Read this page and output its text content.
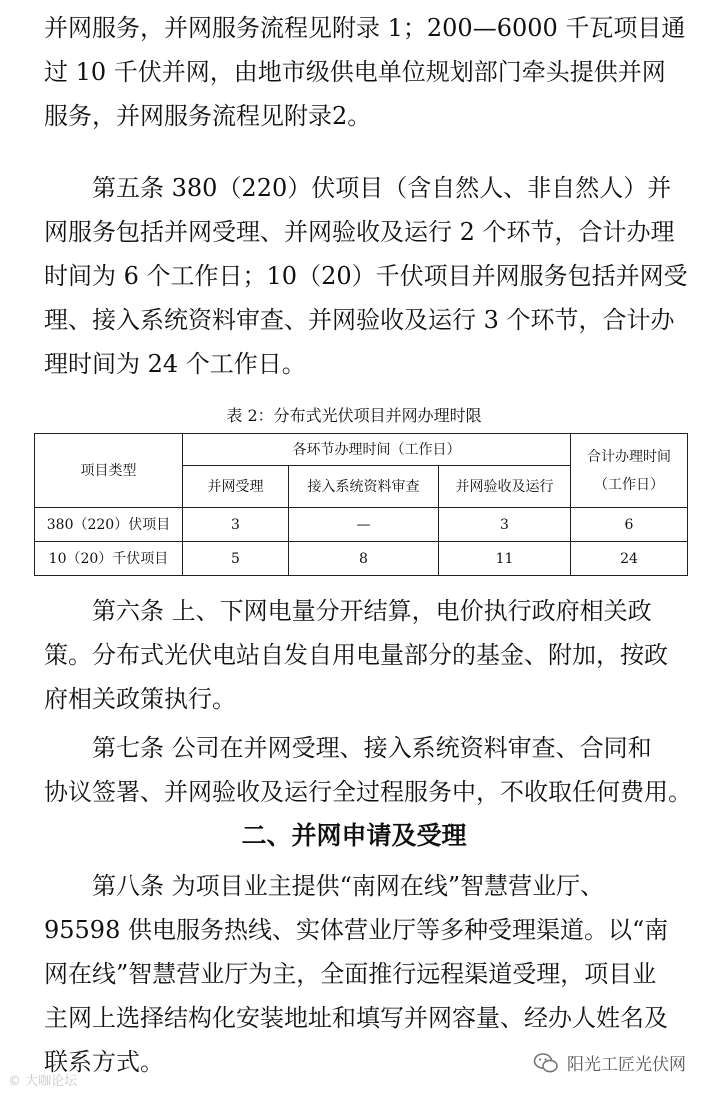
并网服务，并网服务流程见附录 1；200—6000 千瓦项目通
过 10 千伏并网，由地市级供电单位规划部门牵头提供并网
服务，并网服务流程见附录2。

第五条 380（220）伏项目（含自然人、非自然人）并
网服务包括并网受理、并网验收及运行 2 个环节，合计办理
时间为 6 个工作日；10（20）千伏项目并网服务包括并网受
理、接入系统资料审查、并网验收及运行 3 个环节，合计办
理时间为 24 个工作日。

表 2：分布式光伏项目并网办理时限
项目类型	各环节办理时间（工作日）			合计办理时间
（工作日）

	并网受理	接入系统资料审查	并网验收及运行	
380（220）伏项目	3	—	3	6
10（20）千伏项目	5	8	11	24

第六条 上、下网电量分开结算，电价执行政府相关政
策。分布式光伏电站自发自用电量部分的基金、附加，按政
府相关政策执行。

第七条 公司在并网受理、接入系统资料审查、合同和
协议签署、并网验收及运行全过程服务中，不收取任何费用。

二、并网申请及受理

第八条 为项目业主提供“南网在线”智慧营业厅、
95598 供电服务热线、实体营业厅等多种受理渠道。以“南
网在线”智慧营业厅为主，全面推行远程渠道受理，项目业
主网上选择结构化安装地址和填写并网容量、经办人姓名及
联系方式。

© 大咖论坛
阳光工匠光伏网
